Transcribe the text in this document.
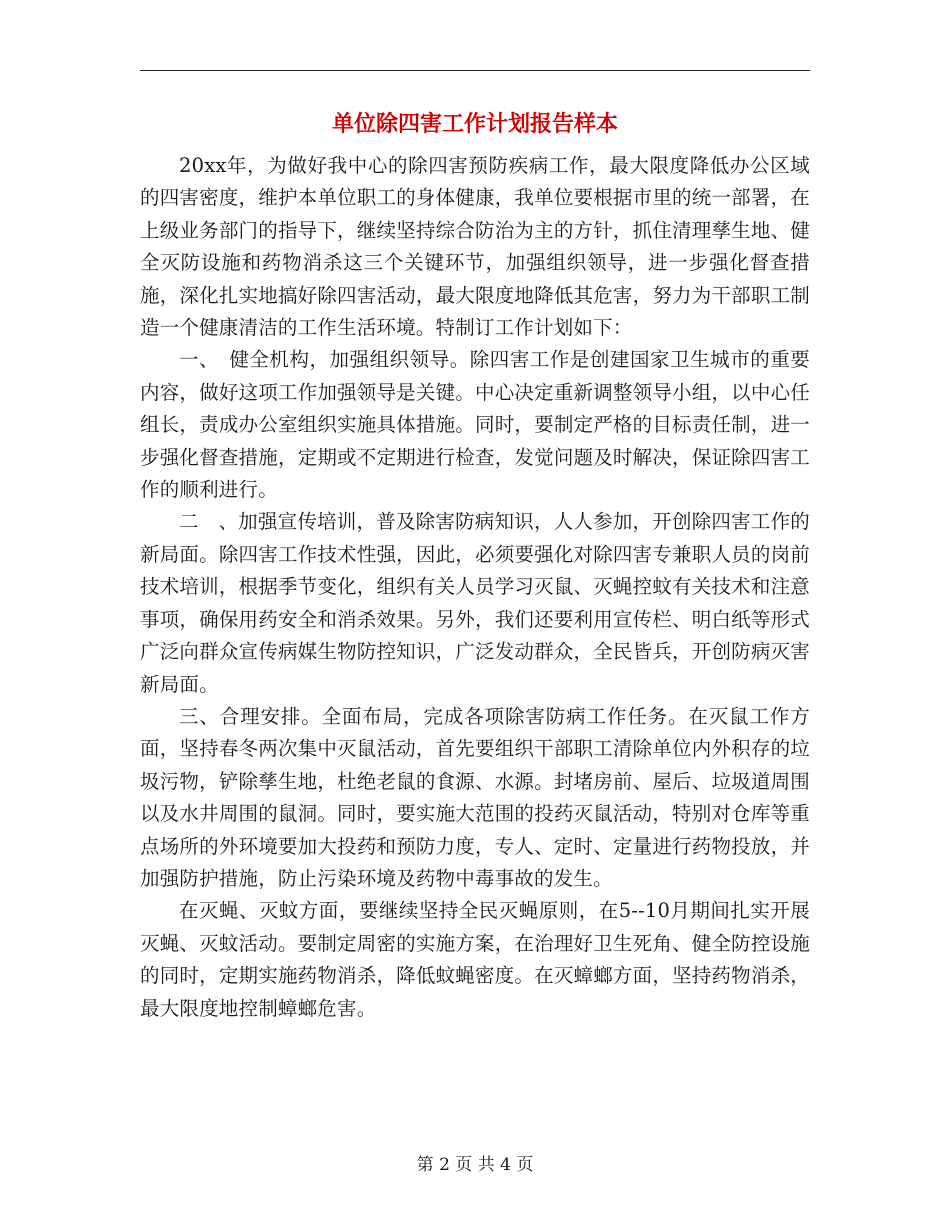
单位除四害工作计划报告样本

20xx年，为做好我中心的除四害预防疾病工作，最大限度降低办公区域的四害密度，维护本单位职工的身体健康，我单位要根据市里的统一部署，在上级业务部门的指导下，继续坚持综合防治为主的方针，抓住清理孳生地、健全灭防设施和药物消杀这三个关键环节，加强组织领导，进一步强化督查措施，深化扎实地搞好除四害活动，最大限度地降低其危害，努力为干部职工制造一个健康清洁的工作生活环境。特制订工作计划如下：

一、　健全机构，加强组织领导。除四害工作是创建国家卫生城市的重要内容，做好这项工作加强领导是关键。中心决定重新调整领导小组，以中心任组长，责成办公室组织实施具体措施。同时，要制定严格的目标责任制，进一步强化督查措施，定期或不定期进行检查，发觉问题及时解决，保证除四害工作的顺利进行。

二　、加强宣传培训，普及除害防病知识，人人参加，开创除四害工作的新局面。除四害工作技术性强，因此，必须要强化对除四害专兼职人员的岗前技术培训，根据季节变化，组织有关人员学习灭鼠、灭蝇控蚊有关技术和注意事项，确保用药安全和消杀效果。另外，我们还要利用宣传栏、明白纸等形式广泛向群众宣传病媒生物防控知识，广泛发动群众，全民皆兵，开创防病灭害新局面。

三、合理安排。全面布局，完成各项除害防病工作任务。在灭鼠工作方面，坚持春冬两次集中灭鼠活动，首先要组织干部职工清除单位内外积存的垃圾污物，铲除孳生地，杜绝老鼠的食源、水源。封堵房前、屋后、垃圾道周围以及水井周围的鼠洞。同时，要实施大范围的投药灭鼠活动，特别对仓库等重点场所的外环境要加大投药和预防力度，专人、定时、定量进行药物投放，并加强防护措施，防止污染环境及药物中毒事故的发生。

在灭蝇、灭蚊方面，要继续坚持全民灭蝇原则，在5--10月期间扎实开展灭蝇、灭蚊活动。要制定周密的实施方案，在治理好卫生死角、健全防控设施的同时，定期实施药物消杀，降低蚊蝇密度。在灭蟑螂方面，坚持药物消杀，最大限度地控制蟑螂危害。

第 2 页 共 4 页
